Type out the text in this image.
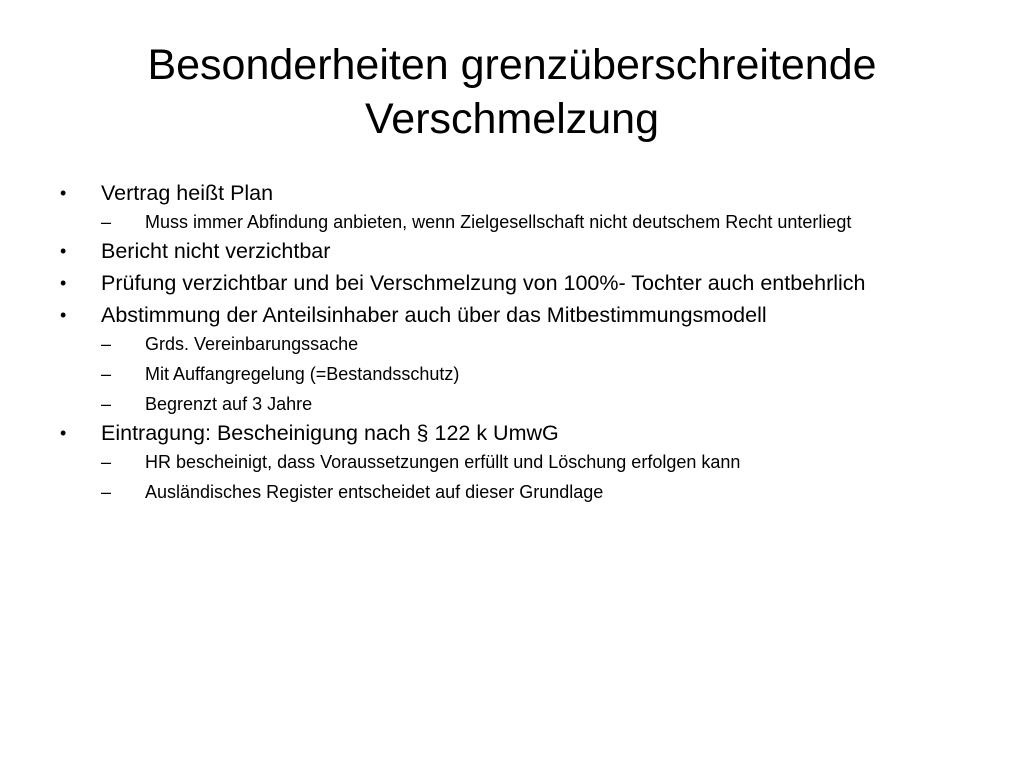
Besonderheiten grenzüberschreitende Verschmelzung
•	Vertrag heißt Plan
–	Muss immer Abfindung anbieten, wenn Zielgesellschaft nicht deutschem Recht unterliegt
•	Bericht nicht verzichtbar
•	Prüfung verzichtbar und bei Verschmelzung von 100%- Tochter auch entbehrlich
•	Abstimmung der Anteilsinhaber auch über das Mitbestimmungsmodell
–	Grds. Vereinbarungssache
–	Mit Auffangregelung (=Bestandsschutz)
–	Begrenzt auf 3 Jahre
•	Eintragung: Bescheinigung nach § 122 k UmwG
–	HR bescheinigt, dass Voraussetzungen erfüllt und Löschung erfolgen kann
–	Ausländisches Register entscheidet auf dieser Grundlage
